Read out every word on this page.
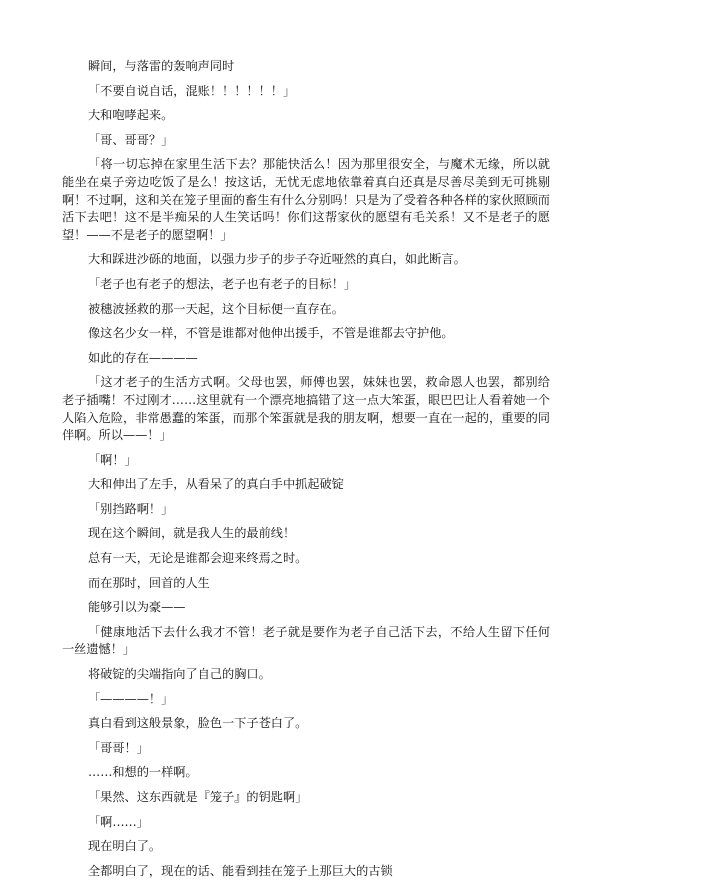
瞬间，与落雷的轰响声同时

「不要自说自话，混账！！！！！！」

大和咆哮起来。

「哥、哥哥？」

「将一切忘掉在家里生活下去？那能快活么！因为那里很安全，与魔术无缘，所以就能坐在桌子旁边吃饭了是么！按这话，无忧无虑地依靠着真白还真是尽善尽美到无可挑剔啊！不过啊，这和关在笼子里面的畜生有什么分别吗！只是为了受着各种各样的家伙照顾而活下去吧！这不是半痴呆的人生笑话吗！你们这帮家伙的愿望有毛关系！又不是老子的愿望！——不是老子的愿望啊！」

大和踩进沙砾的地面，以强力步子的步子夺近哑然的真白，如此断言。

「老子也有老子的想法，老子也有老子的目标！」

被穗波拯救的那一天起，这个目标便一直存在。

像这名少女一样，不管是谁都对他伸出援手，不管是谁都去守护他。

如此的存在————

「这才老子的生活方式啊。父母也罢，师傅也罢，妹妹也罢，救命恩人也罢，都别给老子插嘴！不过刚才……这里就有一个漂亮地搞错了这一点大笨蛋，眼巴巴让人看着她一个人陷入危险，非常愚蠢的笨蛋，而那个笨蛋就是我的朋友啊，想要一直在一起的，重要的同伴啊。所以——！」

「啊！」

大和伸出了左手，从看呆了的真白手中抓起破锭

「别挡路啊！」

现在这个瞬间，就是我人生的最前线！

总有一天，无论是谁都会迎来终焉之时。

而在那时，回首的人生

能够引以为豪——

「健康地活下去什么我才不管！老子就是要作为老子自己活下去，不给人生留下任何一丝遗憾！」

将破锭的尖端指向了自己的胸口。

「————！」

真白看到这般景象，脸色一下子苍白了。

「哥哥！」

……和想的一样啊。

「果然、这东西就是『笼子』的钥匙啊」

「啊……」

现在明白了。

全都明白了，现在的话、能看到挂在笼子上那巨大的古锁
